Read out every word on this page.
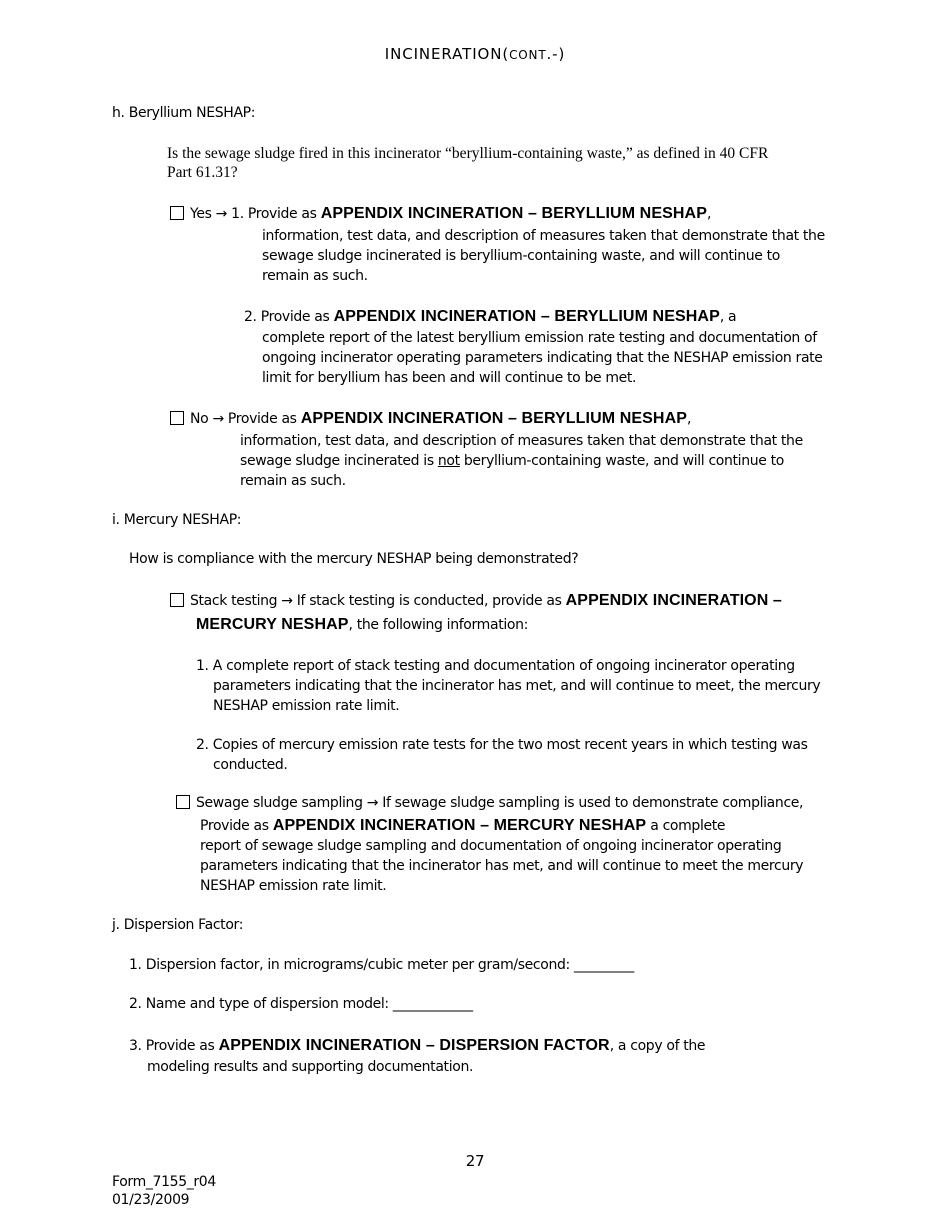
INCINERATION(CONT.-)
h. Beryllium NESHAP:
Is the sewage sludge fired in this incinerator “beryllium-containing waste,” as defined in 40 CFR
Part 61.31?
Yes → 1. Provide as APPENDIX INCINERATION – BERYLLIUM NESHAP,
information, test data, and description of measures taken that demonstrate that the
sewage sludge incinerated is beryllium-containing waste, and will continue to
remain as such.
2. Provide as APPENDIX INCINERATION – BERYLLIUM NESHAP, a
complete report of the latest beryllium emission rate testing and documentation of
ongoing incinerator operating parameters indicating that the NESHAP emission rate
limit for beryllium has been and will continue to be met.
No → Provide as APPENDIX INCINERATION – BERYLLIUM NESHAP,
information, test data, and description of measures taken that demonstrate that the
sewage sludge incinerated is not beryllium-containing waste, and will continue to
remain as such.
i. Mercury NESHAP:
How is compliance with the mercury NESHAP being demonstrated?
Stack testing → If stack testing is conducted, provide as APPENDIX INCINERATION –
MERCURY NESHAP, the following information:
1. A complete report of stack testing and documentation of ongoing incinerator operating
parameters indicating that the incinerator has met, and will continue to meet, the mercury
NESHAP emission rate limit.
2. Copies of mercury emission rate tests for the two most recent years in which testing was
conducted.
Sewage sludge sampling → If sewage sludge sampling is used to demonstrate compliance,
Provide as APPENDIX INCINERATION – MERCURY NESHAP a complete
report of sewage sludge sampling and documentation of ongoing incinerator operating
parameters indicating that the incinerator has met, and will continue to meet the mercury
NESHAP emission rate limit.
j. Dispersion Factor:
1. Dispersion factor, in micrograms/cubic meter per gram/second: _________
2. Name and type of dispersion model: ____________
3. Provide as APPENDIX INCINERATION – DISPERSION FACTOR, a copy of the
modeling results and supporting documentation.
27
Form_7155_r04
01/23/2009
